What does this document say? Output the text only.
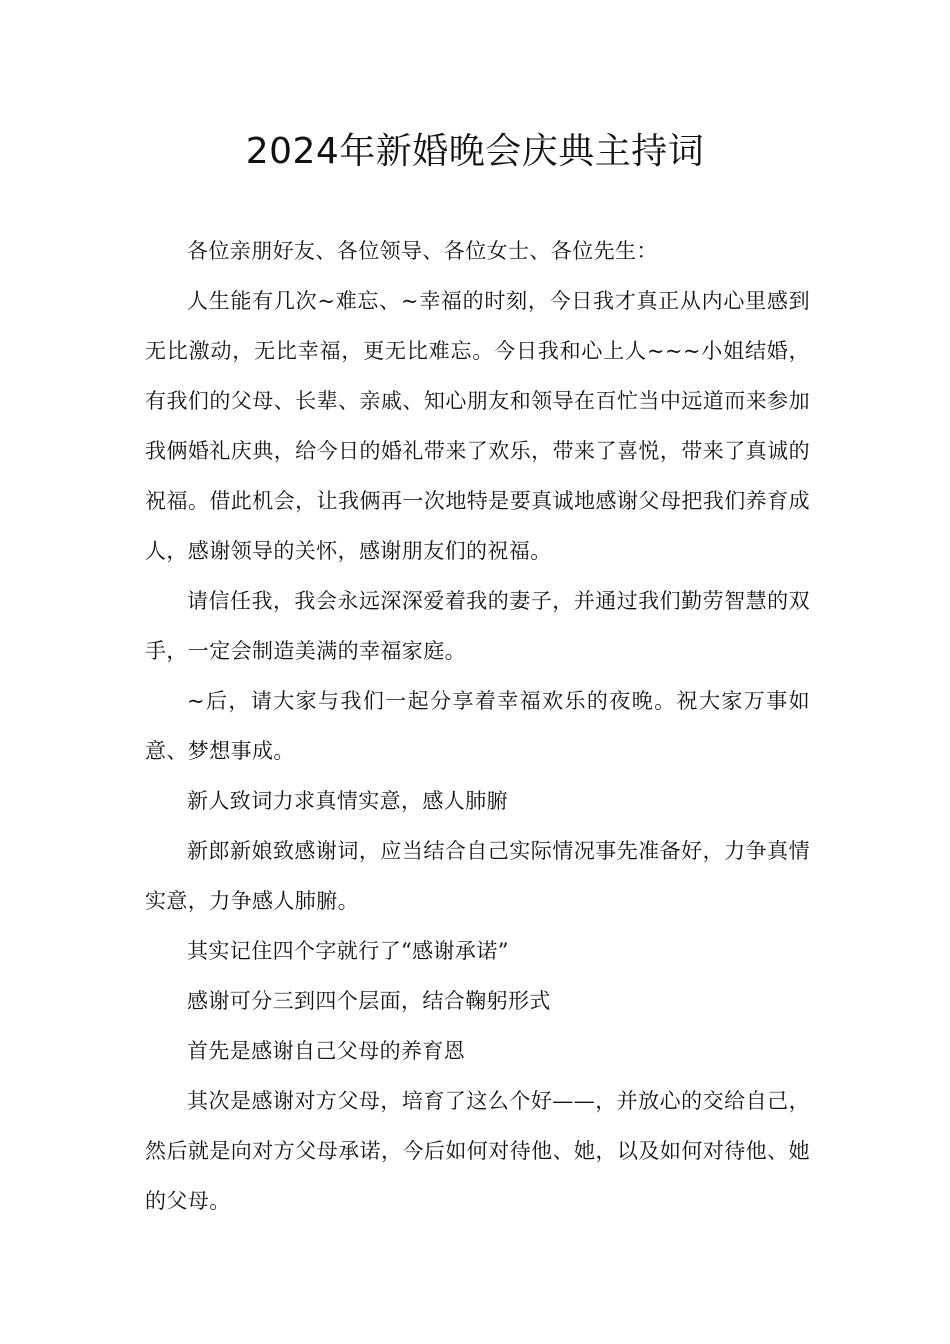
2024年新婚晚会庆典主持词

各位亲朋好友、各位领导、各位女士、各位先生：

人生能有几次~难忘、~幸福的时刻，今日我才真正从内心里感到无比激动，无比幸福，更无比难忘。今日我和心上人~~~小姐结婚，有我们的父母、长辈、亲戚、知心朋友和领导在百忙当中远道而来参加我俩婚礼庆典，给今日的婚礼带来了欢乐，带来了喜悦，带来了真诚的祝福。借此机会，让我俩再一次地特是要真诚地感谢父母把我们养育成人，感谢领导的关怀，感谢朋友们的祝福。

请信任我，我会永远深深爱着我的妻子，并通过我们勤劳智慧的双手，一定会制造美满的幸福家庭。

~后，请大家与我们一起分享着幸福欢乐的夜晚。祝大家万事如意、梦想事成。

新人致词力求真情实意，感人肺腑

新郎新娘致感谢词，应当结合自己实际情况事先准备好，力争真情实意，力争感人肺腑。

其实记住四个字就行了“感谢承诺”

感谢可分三到四个层面，结合鞠躬形式

首先是感谢自己父母的养育恩

其次是感谢对方父母，培育了这么个好——，并放心的交给自己，然后就是向对方父母承诺，今后如何对待他、她，以及如何对待他、她的父母。
